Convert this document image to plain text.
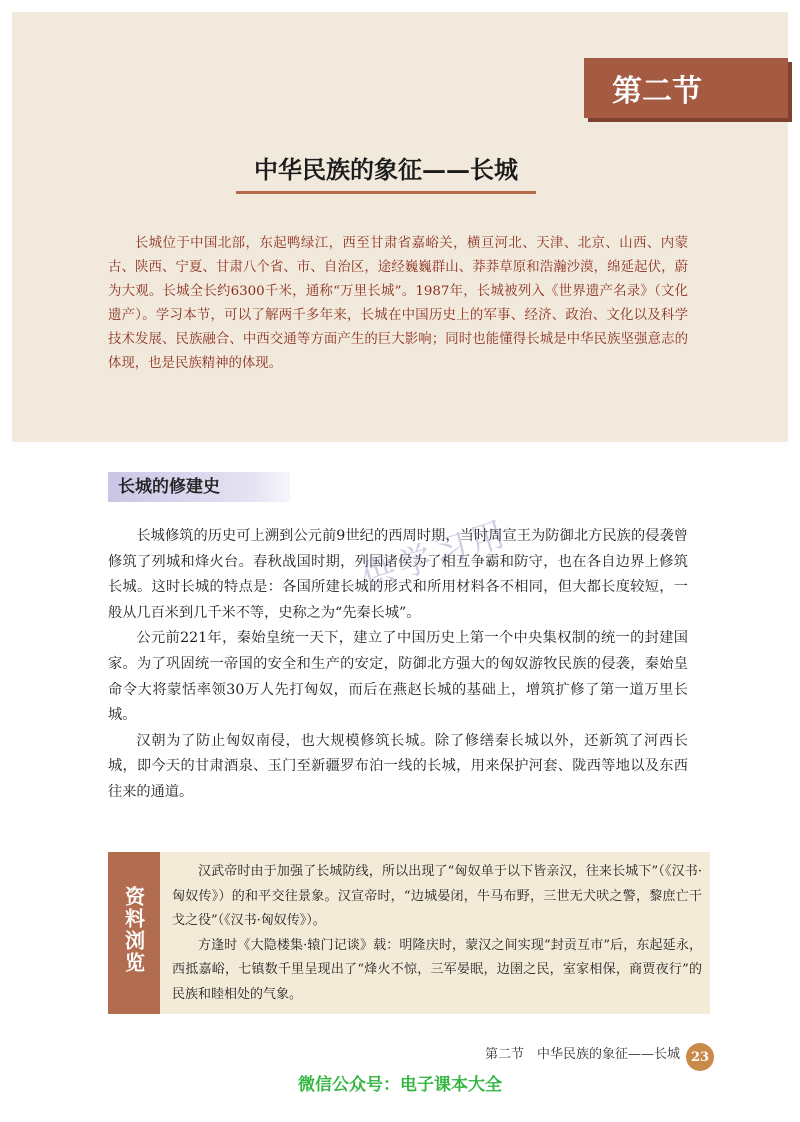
第二节
中华民族的象征——长城
长城位于中国北部，东起鸭绿江，西至甘肃省嘉峪关，横亘河北、天津、北京、山西、内蒙古、陕西、宁夏、甘肃八个省、市、自治区，途经巍巍群山、莽莽草原和浩瀚沙漠，绵延起伏，蔚为大观。长城全长约6300千米，通称“万里长城”。1987年，长城被列入《世界遗产名录》（文化遗产）。学习本节，可以了解两千多年来，长城在中国历史上的军事、经济、政治、文化以及科学技术发展、民族融合、中西交通等方面产生的巨大影响；同时也能懂得长城是中华民族坚强意志的体现，也是民族精神的体现。
长城的修建史

长城修筑的历史可上溯到公元前9世纪的西周时期，当时周宣王为防御北方民族的侵袭曾修筑了列城和烽火台。春秋战国时期，列国诸侯为了相互争霸和防守，也在各自边界上修筑长城。这时长城的特点是：各国所建长城的形式和所用材料各不相同，但大都长度较短，一般从几百米到几千米不等，史称之为“先秦长城”。

公元前221年，秦始皇统一天下，建立了中国历史上第一个中央集权制的统一的封建国家。为了巩固统一帝国的安全和生产的安定，防御北方强大的匈奴游牧民族的侵袭，秦始皇命令大将蒙恬率领30万人先打匈奴，而后在燕赵长城的基础上，增筑扩修了第一道万里长城。

汉朝为了防止匈奴南侵，也大规模修筑长城。除了修缮秦长城以外，还新筑了河西长城，即今天的甘肃酒泉、玉门至新疆罗布泊一线的长城，用来保护河套、陇西等地以及东西往来的通道。

供学习用
资料浏览

汉武帝时由于加强了长城防线，所以出现了“匈奴单于以下皆亲汉，往来长城下”（《汉书·匈奴传》）的和平交往景象。汉宣帝时，“边城晏闭，牛马布野，三世无犬吠之警，黎庶亡干戈之役”（《汉书·匈奴传》）。

方逢时《大隐楼集·辕门记谈》载：明隆庆时，蒙汉之间实现“封贡互市”后，东起延永，西抵嘉峪，七镇数千里呈现出了“烽火不惊，三军晏眠，边圉之民，室家相保，商贾夜行”的民族和睦相处的气象。

第二节　中华民族的象征——长城 23
微信公众号：电子课本大全
